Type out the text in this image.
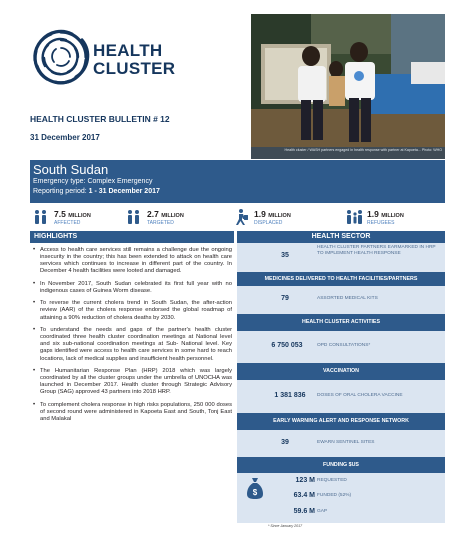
HEALTH
CLUSTER
HEALTH CLUSTER BULLETIN # 12
31 December 2017
Health cluster / WASH partners engaged in health response with partner at Kapoeta... Photo: WHO
South Sudan
Emergency type: Complex Emergency
Reporting period: 1 - 31 December 2017
7.5 MILLION
AFFECTED
2.7 MILLION
TARGETED
1.9 MILLION
DISPLACED
1.9 MILLION
REFUGEES
HIGHLIGHTS
• Access to health care services still remains a challenge due the ongoing insecurity in the country; this has been extended to attack on health care services which continues to increase in different part of the country. In December 4 health facilities were looted and damaged.
• In November 2017, South Sudan celebrated its first full year with no indigenous cases of Guinea Worm disease.
• To reverse the current cholera trend in South Sudan, the after-action review (AAR) of the cholera response endorsed the global roadmap of attaining a 90% reduction of cholera deaths by 2030.
• To understand the needs and gaps of the partner's health cluster coordinated three health cluster coordination meetings at National level and six sub-national coordination meetings at Sub- National level. Key gaps identified were access to health care services in some hard to reach locations, lack of medical supplies and insufficient health personnel.
• The Humanitarian Response Plan (HRP) 2018 which was largely coordinated by all the cluster groups under the umbrella of UNOCHA was launched in December 2017. Health cluster through Strategic Advisory Group (SAG) approved 43 partners into 2018 HRP.
• To complement cholera response in high risks populations, 250 000 doses of second round were administered in Kapoeta East and South, Tonj East and Malakal
HEALTH SECTOR
35
HEALTH CLUSTER PARTNERS EARMARKED IN HRP TO IMPLEMENT HEALTH RESPONSE
MEDICINES DELIVERED TO HEALTH FACILITIES/PARTNERS
79	ASSORTED MEDICAL KITS
HEALTH CLUSTER ACTIVITIES
6 750 053	OPD CONSULTATIONS*
VACCINATION
1 381 836	DOSES OF ORAL CHOLERA VACCINE
EARLY WARNING ALERT AND RESPONSE NETWORK
39	EWARN SENTINEL SITES
FUNDING $US
$
123 M REQUESTED
63.4 M FUNDED (52%)
59.6 M GAP
* Since January 2017
